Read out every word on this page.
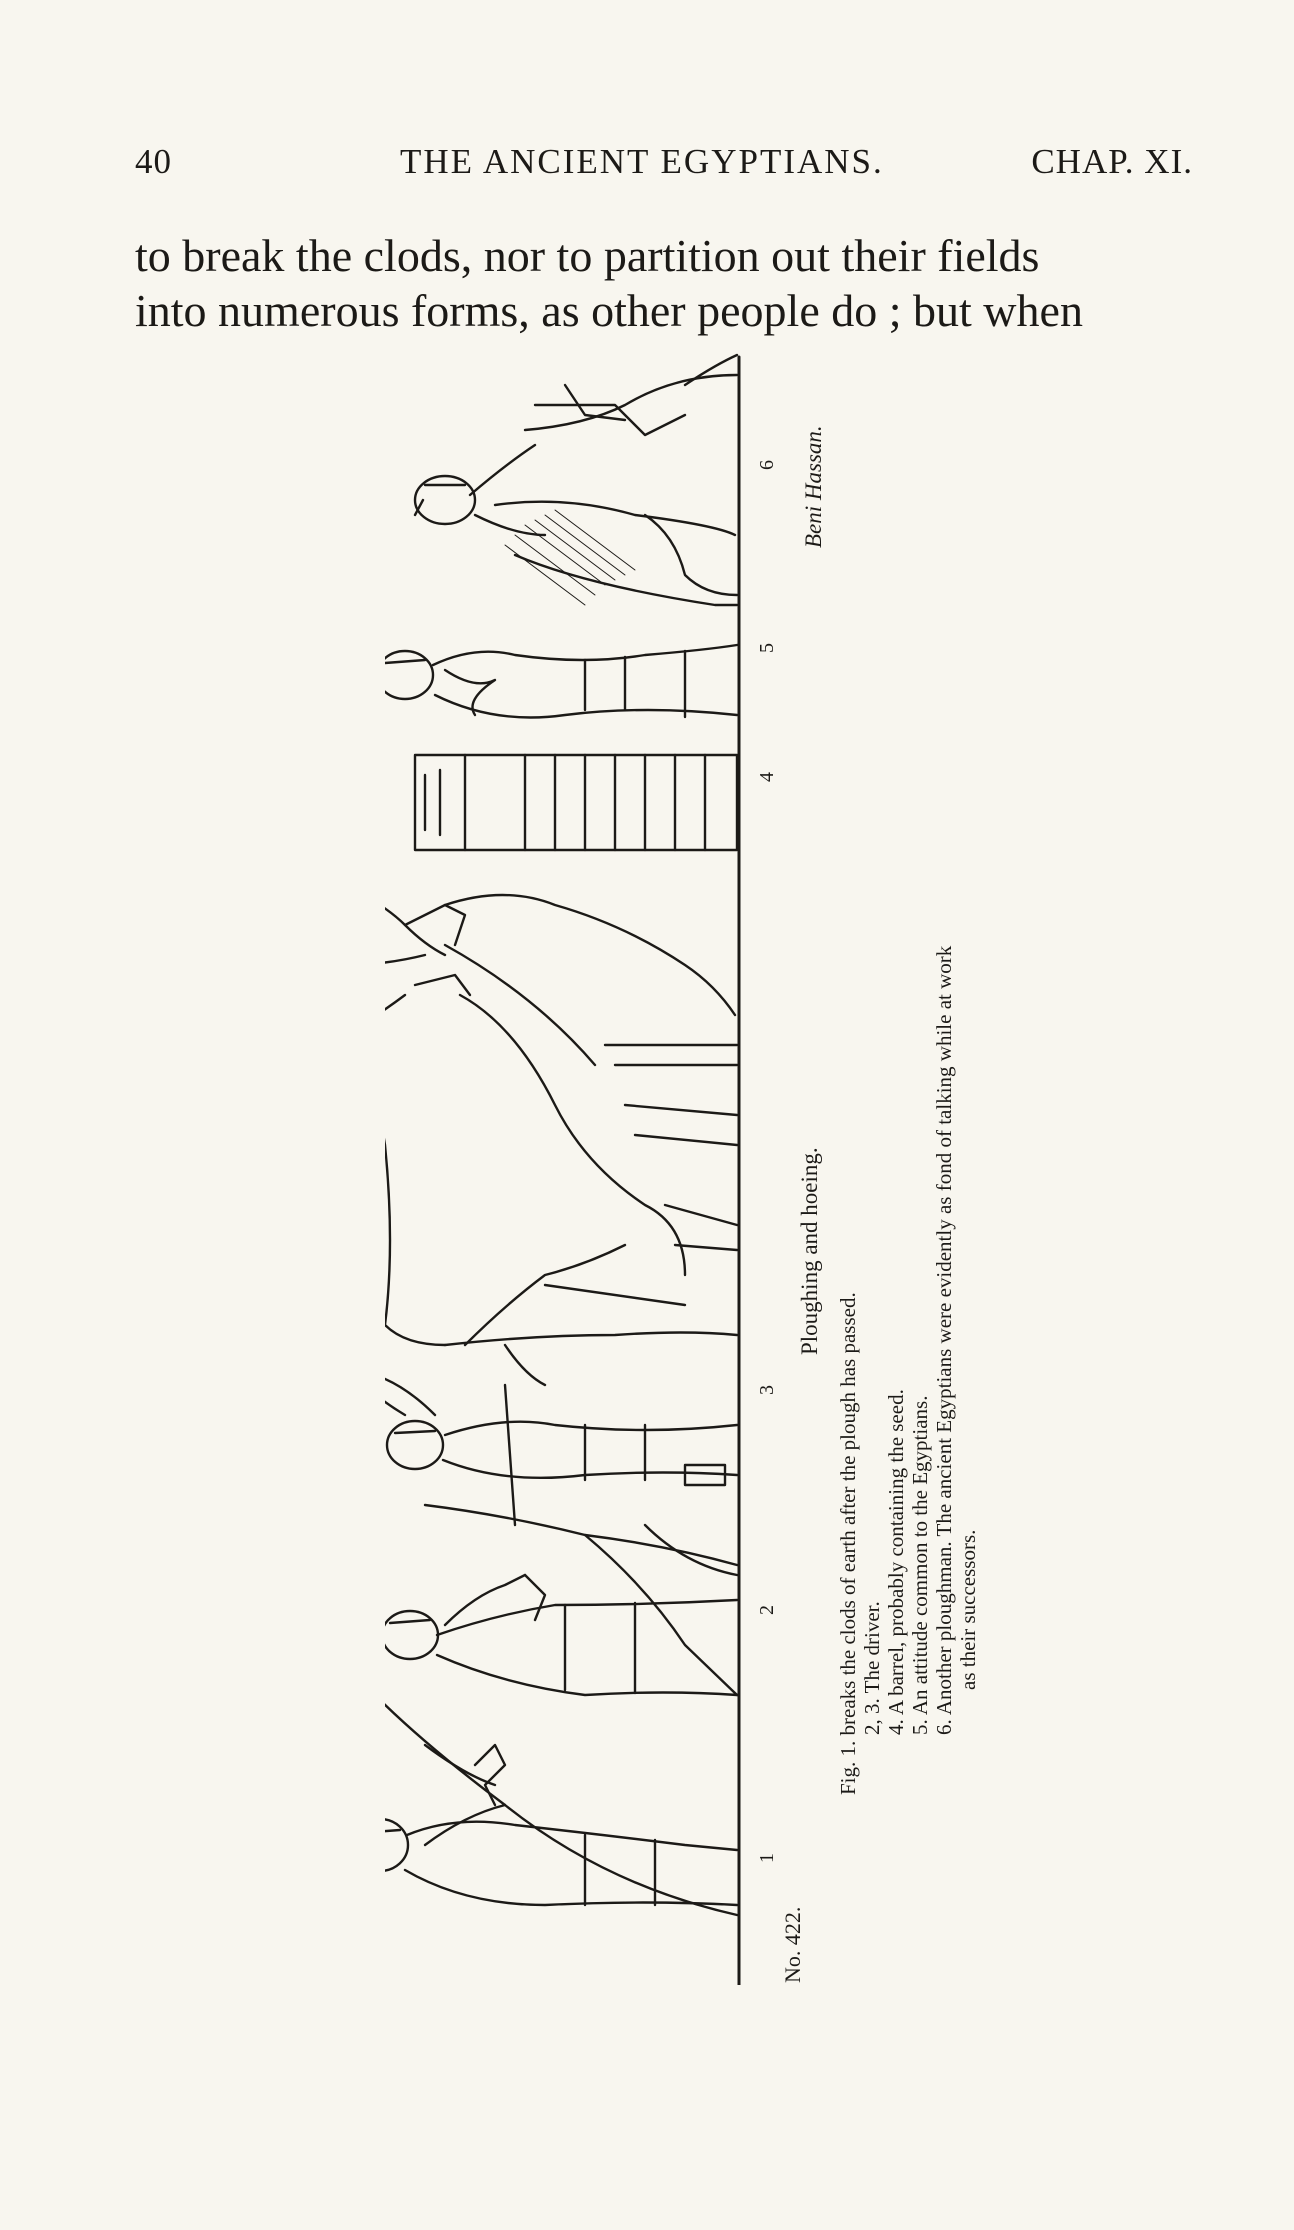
40	THE ANCIENT EGYPTIANS.	CHAP. XI.

to break the clods, nor to partition out their fields
into numerous forms, as other people do ; but when

1
2
3
4
5
6
No. 422.
Ploughing and hoeing.
Beni Hassan.
Fig. 1. breaks the clods of earth after the plough has passed. 2, 3. The driver. 4. A barrel, probably containing the seed. 5. An attitude common to the Egyptians. 6. Another ploughman. The ancient Egyptians were evidently as fond of talking while at work as their successors.
